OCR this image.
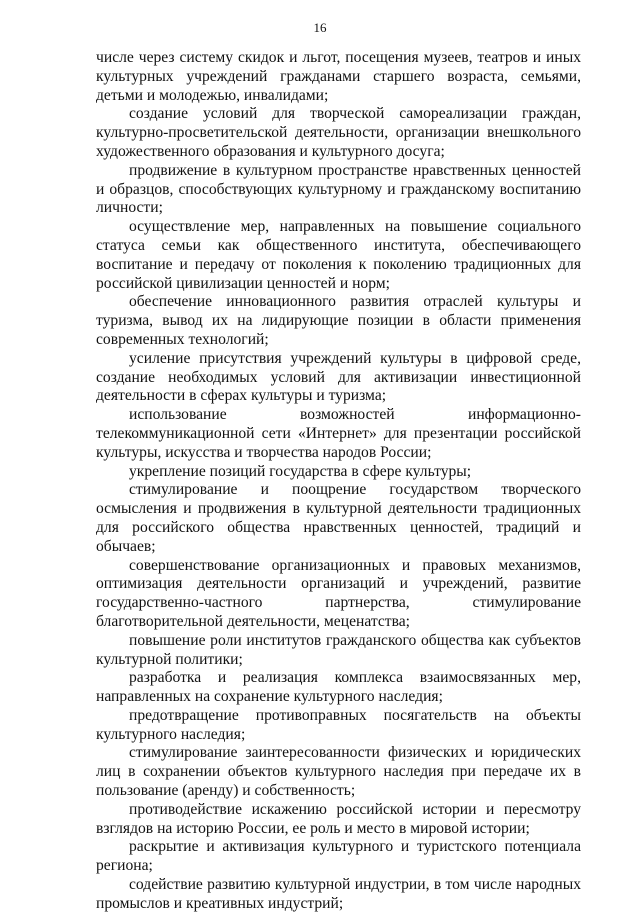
16

числе через систему скидок и льгот, посещения музеев, театров и иных культурных учреждений гражданами старшего возраста, семьями, детьми и молодежью, инвалидами;

создание условий для творческой самореализации граждан, культурно-просветительской деятельности, организации внешкольного художественного образования и культурного досуга;

продвижение в культурном пространстве нравственных ценностей и образцов, способствующих культурному и гражданскому воспитанию личности;

осуществление мер, направленных на повышение социального статуса семьи как общественного института, обеспечивающего воспитание и передачу от поколения к поколению традиционных для российской цивилизации ценностей и норм;

обеспечение инновационного развития отраслей культуры и туризма, вывод их на лидирующие позиции в области применения современных технологий;

усиление присутствия учреждений культуры в цифровой среде, создание необходимых условий для активизации инвестиционной деятельности в сферах культуры и туризма;

использование возможностей информационно-телекоммуникационной сети «Интернет» для презентации российской культуры, искусства и творчества народов России;

укрепление позиций государства в сфере культуры;

стимулирование и поощрение государством творческого осмысления и продвижения в культурной деятельности традиционных для российского общества нравственных ценностей, традиций и обычаев;

совершенствование организационных и правовых механизмов, оптимизация деятельности организаций и учреждений, развитие государственно-частного партнерства, стимулирование благотворительной деятельности, меценатства;

повышение роли институтов гражданского общества как субъектов культурной политики;

разработка и реализация комплекса взаимосвязанных мер, направленных на сохранение культурного наследия;

предотвращение противоправных посягательств на объекты культурного наследия;

стимулирование заинтересованности физических и юридических лиц в сохранении объектов культурного наследия при передаче их в пользование (аренду) и собственность;

противодействие искажению российской истории и пересмотру взглядов на историю России, ее роль и место в мировой истории;

раскрытие и активизация культурного и туристского потенциала региона;

содействие развитию культурной индустрии, в том числе народных промыслов и креативных индустрий;
